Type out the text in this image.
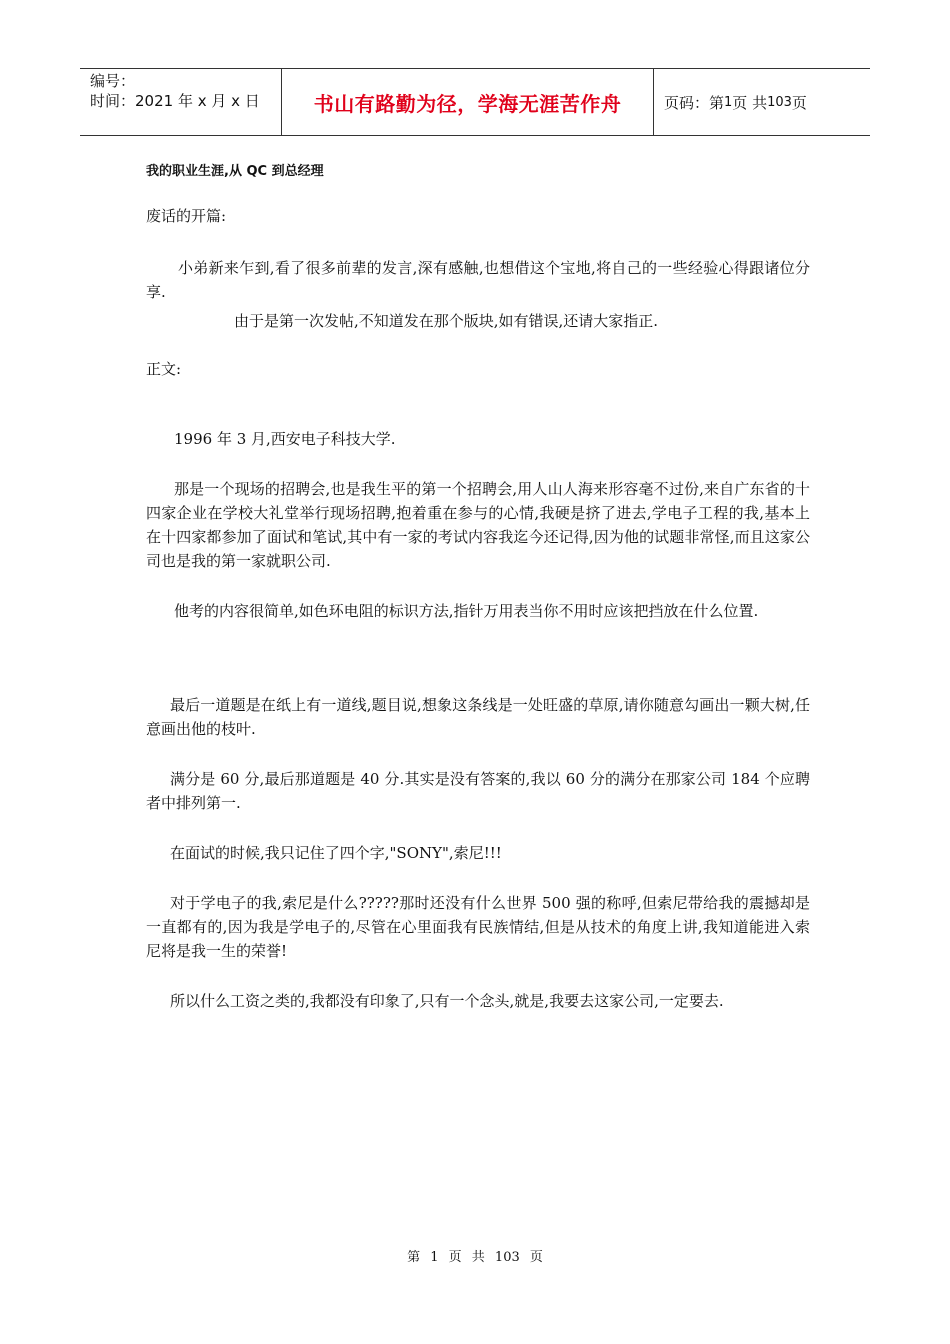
编号：
时间：2021 年 x 月 x 日	书山有路勤为径，学海无涯苦作舟	页码：第 1 页 共 103 页
我的职业生涯,从 QC 到总经理

废话的开篇:

小弟新来乍到,看了很多前辈的发言,深有感触,也想借这个宝地,将自己的一些经验心得跟诸位分享.

由于是第一次发帖,不知道发在那个版块,如有错误,还请大家指正.

正文:

1996 年 3 月,西安电子科技大学.

那是一个现场的招聘会,也是我生平的第一个招聘会,用人山人海来形容毫不过份,来自广东省的十四家企业在学校大礼堂举行现场招聘,抱着重在参与的心情,我硬是挤了进去,学电子工程的我,基本上在十四家都参加了面试和笔试,其中有一家的考试内容我迄今还记得,因为他的试题非常怪,而且这家公司也是我的第一家就职公司.

他考的内容很简单,如色环电阻的标识方法,指针万用表当你不用时应该把挡放在什么位置.

最后一道题是在纸上有一道线,题目说,想象这条线是一处旺盛的草原,请你随意勾画出一颗大树,任意画出他的枝叶.

满分是 60 分,最后那道题是 40 分.其实是没有答案的,我以 60 分的满分在那家公司 184 个应聘者中排列第一.

在面试的时候,我只记住了四个字,"SONY",索尼!!!

对于学电子的我,索尼是什么?????那时还没有什么世界 500 强的称呼,但索尼带给我的震撼却是一直都有的,因为我是学电子的,尽管在心里面我有民族情结,但是从技术的角度上讲,我知道能进入索尼将是我一生的荣誉!

所以什么工资之类的,我都没有印象了,只有一个念头,就是,我要去这家公司,一定要去.

第 1 页 共 103 页
